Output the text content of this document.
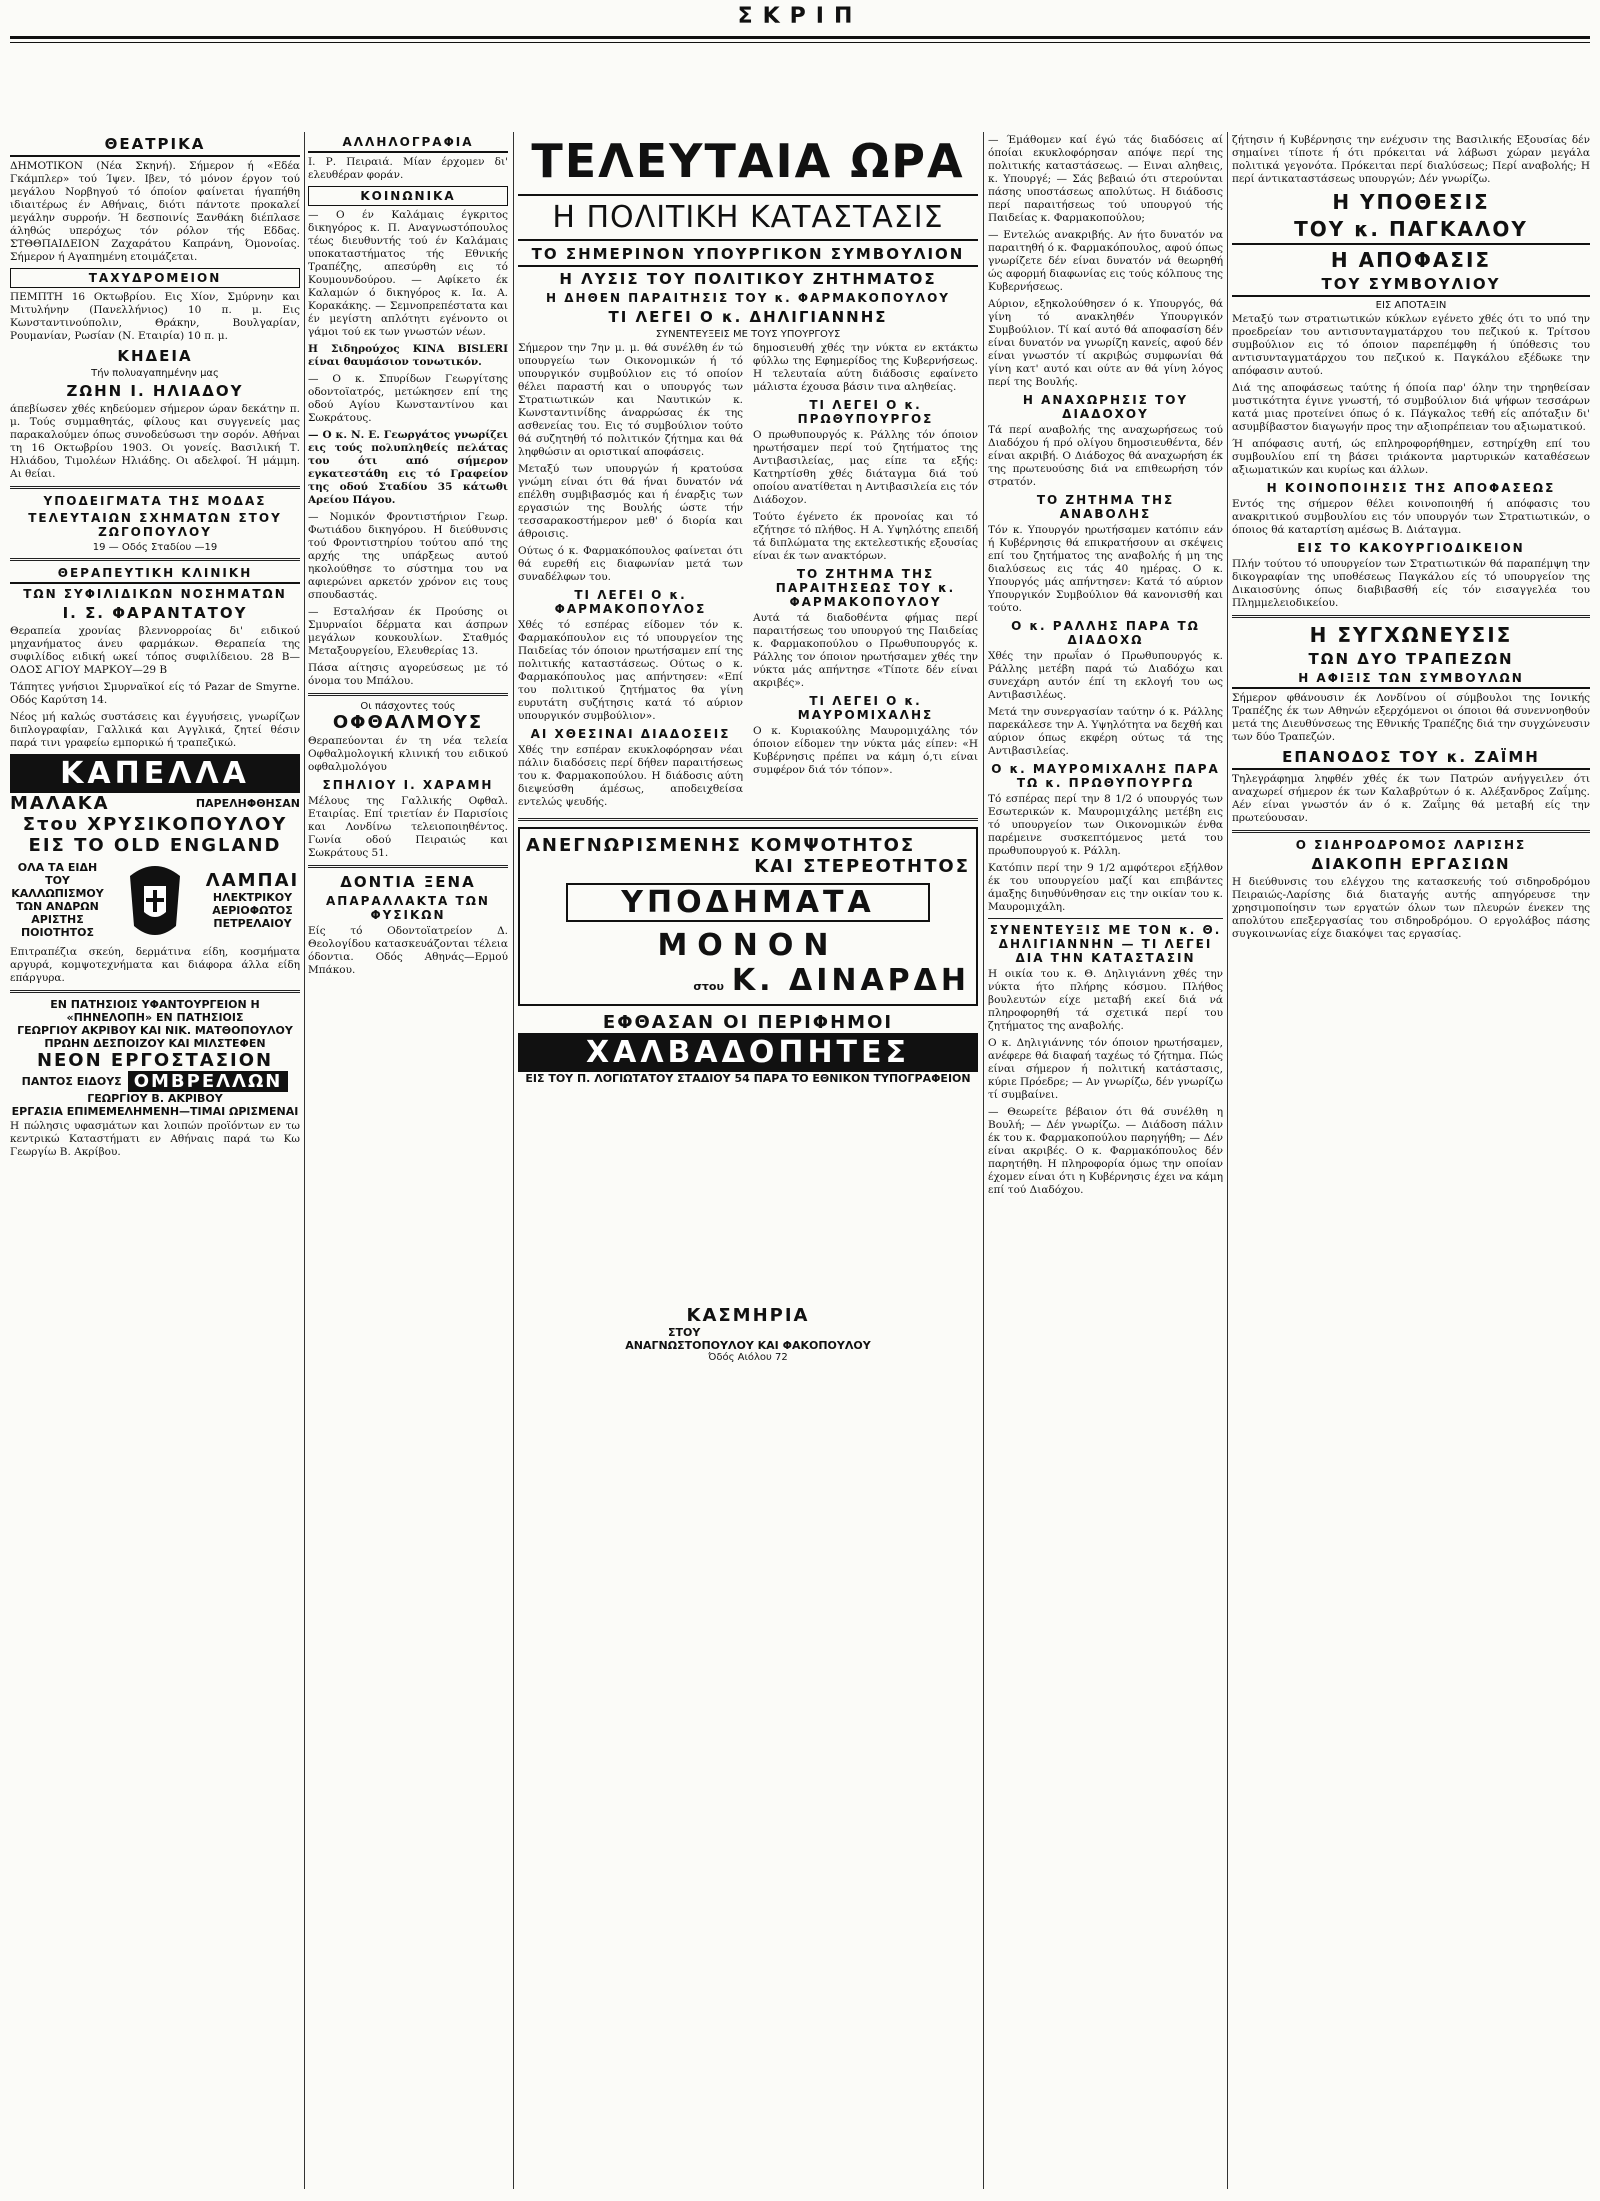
ΣΚΡΙΠ
ΘΕΑΤΡΙΚΑ
ΔΗΜΟΤΙΚΟΝ (Νέα Σκηνή). Σήμερον ή «Εδέα Γκάμπλερ» τού Ίψεν. Ιβεν, τό μόνον έργον τού μεγάλου Νορβηγού τό όποίον φαίνεται ήγαπήθη ιδιαιτέρως έν Αθήναις, διότι πάντοτε προκαλεί μεγάλην συρροήν. Ή δεσποινίς Ξανθάκη διέπλασε άληθώς υπερόχως τόν ρόλον τής Εδδας. ΣΤΘΘΠΑΙΔΕΙΟΝ Ζαχαράτου Καπράνη, Όμονοίας. Σήμερον ή Αγαπημένη ετοιμάζεται.
ΤΑΧΥΔΡΟΜΕΙΟΝ
ΠΕΜΠΤΗ 16 Οκτωβρίου. Εις Χίον, Σμύρνην και Μιτυλήνην (Πανελλήνιος) 10 π. μ. Εις Κωνσταντινούπολιν, Θράκην, Βουλγαρίαν, Ρουμανίαν, Ρωσίαν (Ν. Εταιρία) 10 π. μ.
ΚΗΔΕΙΑ
Τήν πολυαγαπημένην μας
ΖΩΗΝ Ι. ΗΛΙΑΔΟΥ
άπεβίωσεν χθές κηδεύομεν σήμερον ώραν δεκάτην π. μ. Τούς συμμαθητάς, φίλους και συγγενείς μας παρακαλούμεν όπως συνοδεύσωσι την σορόν. Αθήναι τη 16 Οκτωβρίου 1903. Οι γονείς. Βασιλική Τ. Ηλιάδου, Τιμολέων Ηλιάδης. Οι αδελφοί. Ή μάμμη. Αι θείαι.
ΥΠΟΔΕΙΓΜΑΤΑ ΤΗΣ ΜΟΔΑΣ
ΤΕΛΕΥΤΑΙΩΝ ΣΧΗΜΑΤΩΝ ΣΤΟΥ ΖΩΓΟΠΟΥΛΟΥ
19 — Οδός Σταδίου —19
ΘΕΡΑΠΕΥΤΙΚΗ ΚΛΙΝΙΚΗ
ΤΩΝ ΣΥΦΙΛΙΔΙΚΩΝ ΝΟΣΗΜΑΤΩΝ
Ι. Σ. ΦΑΡΑΝΤΑΤΟΥ
Θεραπεία χρονίας βλεννορροίας δι' ειδικού μηχανήματος άνευ φαρμάκων. Θεραπεία της συφιλίδος ειδική ωκεί τόπος συφιλίδειου. 28 Β—ΟΔΟΣ ΑΓΙΟΥ ΜΑΡΚΟΥ—29 Β
Τάπητες γνήσιοι Σμυρναϊκοί είς τό Pazar de Smyrne. Οδός Καρύτση 14.
Νέος μή καλώς συστάσεις και έγγυήσεις, γνωρίζων διπλογραφίαν, Γαλλικά και Αγγλικά, ζητεί θέσιν παρά τινι γραφείω εμπορικώ ή τραπεζικώ.
ΚΑΠΕΛΛΑ
ΜΑΛΑΚΑ	ΠΑΡΕΛΗΦΘΗΣΑΝ
Στου ΧΡΥΣΙΚΟΠΟΥΛΟΥ
ΕΙΣ ΤΟ OLD ENGLAND
ΟΛΑ ΤΑ ΕΙΔΗ
ΤΟΥ ΚΑΛΛΩΠΙΣΜΟΥ
ΤΩΝ ΑΝΔΡΩΝ
ΑΡΙΣΤΗΣ
ΠΟΙΟΤΗΤΟΣ
ΛΑΜΠΑΙ
ΗΛΕΚΤΡΙΚΟΥ
ΑΕΡΙΟΦΩΤΟΣ
ΠΕΤΡΕΛΑΙΟΥ
Επιτραπέζια σκεύη, δερμάτινα είδη, κοσμήματα αργυρά, κομψοτεχνήματα και διάφορα άλλα είδη επάργυρα.
ΕΝ ΠΑΤΗΣΙΟΙΣ ΥΦΑΝΤΟΥΡΓΕΙΟΝ Η «ΠΗΝΕΛΟΠΗ» ΕΝ ΠΑΤΗΣΙΟΙΣ
ΓΕΩΡΓΙΟΥ ΑΚΡΙΒΟΥ ΚΑΙ ΝΙΚ. ΜΑΤΘΟΠΟΥΛΟΥ
ΠΡΩΗΝ ΔΕΣΠΟΙΖΟΥ ΚΑΙ ΜΙΛΣΤΕΦΕΝ
ΝΕΟΝ ΕΡΓΟΣΤΑΣΙΟΝ
ΠΑΝΤΟΣ ΕΙΔΟΥΣ ΟΜΒΡΕΛΛΩΝ
ΓΕΩΡΓΙΟΥ Β. ΑΚΡΙΒΟΥ
ΕΡΓΑΣΙΑ ΕΠΙΜΕΜΕΛΗΜΕΝΗ—ΤΙΜΑΙ ΩΡΙΣΜΕΝΑΙ
Η πώλησις υφασμάτων και λοιπών προϊόντων εν τω κεντρικώ Καταστήματι εν Αθήναις παρά τω Κω Γεωργίω Β. Ακρίβου.
ΑΛΛΗΛΟΓΡΑΦΙΑ
Ι. Ρ. Πειραιά. Μίαν έρχομεν δι' ελευθέραν φοράν.
ΚΟΙΝΩΝΙΚΑ
— Ο έν Καλάμαις έγκριτος δικηγόρος κ. Π. Αναγνωστόπουλος τέως διευθυντής τού έν Καλάμαις υποκαταστήματος τής Εθνικής Τραπέζης, απεσύρθη εις τό Κουμουνδούρου. — Αφίκετο έκ Καλαμών ό δικηγόρος κ. Ια. Α. Κορακάκης. — Σεμνοπρεπέστατα και έν μεγίστη απλότητι εγένοντο οι γάμοι τού εκ των γνωστών νέων.
Η Σιδηρούχος ΚΙΝΑ BISLERI είναι θαυμάσιον τονωτικόν.
— Ο κ. Σπυρίδων Γεωργίτσης οδοντοϊατρός, μετώκησεν επί της οδού Αγίου Κωνσταντίνου και Σωκράτους.
— Ο κ. Ν. Ε. Γεωργάτος γνωρίζει εις τούς πολυπληθείς πελάτας του ότι από σήμερον εγκατεστάθη εις τό Γραφείον της οδού Σταδίου 35 κάτωθι Αρείου Πάγου.
— Νομικόν Φροντιστήριον Γεωρ. Φωτιάδου δικηγόρου. Η διεύθυνσις τού Φροντιστηρίου τούτου από της αρχής της υπάρξεως αυτού ηκολούθησε το σύστημα του να αφιερώνει αρκετόν χρόνον εις τους σπουδαστάς.
— Εσταλήσαν έκ Προύσης οι Σμυρναίοι δέρματα και άσπρων μεγάλων κουκουλίων. Σταθμός Μεταξουργείου, Ελευθερίας 13.
Πάσα αίτησις αγορεύσεως με τό όνομα του Μπάλου.
Οι πάσχοντες τούς
ΟΦΘΑΛΜΟΥΣ
Θεραπεύονται έν τη νέα τελεία Οφθαλμολογική κλινική του ειδικού οφθαλμολόγου
ΣΠΗΛΙΟΥ Ι. ΧΑΡΑΜΗ
Μέλους της Γαλλικής Οφθαλ. Εταιρίας. Επί τριετίαν έν Παρισίοις και Λονδίνω τελειοποιηθέντος. Γωνία οδού Πειραιώς και Σωκράτους 51.
ΔΟΝΤΙΑ ΞΕΝΑ
ΑΠΑΡΑΛΛΑΚΤΑ ΤΩΝ ΦΥΣΙΚΩΝ
Είς τό Οδοντοϊατρείον Δ. Θεολογίδου κατασκευάζονται τέλεια όδοντια. Οδός Αθηνάς—Ερμού Μπάκου.
ΤΕΛΕΥΤΑΙΑ ΩΡΑ
Η ΠΟΛΙΤΙΚΗ ΚΑΤΑΣΤΑΣΙΣ
ΤΟ ΣΗΜΕΡΙΝΟΝ ΥΠΟΥΡΓΙΚΟΝ ΣΥΜΒΟΥΛΙΟΝ
Η ΛΥΣΙΣ ΤΟΥ ΠΟΛΙΤΙΚΟΥ ΖΗΤΗΜΑΤΟΣ
Η ΔΗΘΕΝ ΠΑΡΑΙΤΗΣΙΣ ΤΟΥ κ. ΦΑΡΜΑΚΟΠΟΥΛΟΥ
ΤΙ ΛΕΓΕΙ Ο κ. ΔΗΛΙΓΙΑΝΝΗΣ
ΣΥΝΕΝΤΕΥΞΕΙΣ ΜΕ ΤΟΥΣ ΥΠΟΥΡΓΟΥΣ
Σήμερον την 7ην μ. μ. θά συνέλθη έν τώ υπουργείω των Οικονομικών ή τό υπουργικόν συμβούλιον εις τό οποίον θέλει παραστή και ο υπουργός των Στρατιωτικών και Ναυτικών κ. Κωνσταντινίδης άναρρώσας έκ της ασθενείας του. Εις τό συμβούλιον τούτο θά συζητηθή τό πολιτικόν ζήτημα και θά ληφθώσιν αι οριστικαί αποφάσεις.
Μεταξύ των υπουργών ή κρατούσα γνώμη είναι ότι θά ήναι δυνατόν νά επέλθη συμβιβασμός και ή έναρξις των εργασιών της Βουλής ώστε τήν τεσσαρακοστήμερον μεθ' ό διορία και άθροισις.
Ούτως ό κ. Φαρμακόπουλος φαίνεται ότι θά ευρεθή εις διαφωνίαν μετά των συναδέλφων του.
ΤΙ ΛΕΓΕΙ Ο κ. ΦΑΡΜΑΚΟΠΟΥΛΟΣ
Χθές τό εσπέρας είδομεν τόν κ. Φαρμακόπουλον εις τό υπουργείον της Παιδείας τόν όποιον ηρωτήσαμεν επί της πολιτικής καταστάσεως. Ούτως ο κ. Φαρμακόπουλος μας απήντησεν: «Επί του πολιτικού ζητήματος θα γίνη ευρυτάτη συζήτησις κατά τό αύριον υπουργικόν συμβούλιον».
ΑΙ ΧΘΕΣΙΝΑΙ ΔΙΑΔΟΣΕΙΣ
Χθές την εσπέραν εκυκλοφόρησαν νέαι πάλιν διαδόσεις περί δήθεν παραιτήσεως του κ. Φαρμακοπούλου. Η διάδοσις αύτη διεψεύσθη άμέσως, αποδειχθείσα εντελώς ψευδής.
δημοσιευθή χθές την νύκτα εν εκτάκτω φύλλω της Εφημερίδος της Κυβερνήσεως. Η τελευταία αύτη διάδοσις εφαίνετο μάλιστα έχουσα βάσιν τινα αληθείας.
ΤΙ ΛΕΓΕΙ Ο κ. ΠΡΩΘΥΠΟΥΡΓΟΣ
Ο πρωθυπουργός κ. Ράλλης τόν όποιον ηρωτήσαμεν περί τού ζητήματος της Αντιβασιλείας, μας είπε τα εξής: Κατηρτίσθη χθές διάταγμα διά τού οποίου ανατίθεται η Αντιβασιλεία εις τόν Διάδοχον.
Τούτο έγένετο έκ προνοίας και τό εζήτησε τό πλήθος. Η Α. Υψηλότης επειδή τά διπλώματα της εκτελεστικής εξουσίας είναι έκ των ανακτόρων.
ΤΟ ΖΗΤΗΜΑ ΤΗΣ ΠΑΡΑΙΤΗΣΕΩΣ ΤΟΥ κ. ΦΑΡΜΑΚΟΠΟΥΛΟΥ
Αυτά τά διαδοθέντα φήμας περί παραιτήσεως του υπουργού της Παιδείας κ. Φαρμακοπούλου ο Πρωθυπουργός κ. Ράλλης τον όποιον ηρωτήσαμεν χθές την νύκτα μάς απήντησε «Τίποτε δέν είναι ακριβές».
ΤΙ ΛΕΓΕΙ Ο κ. ΜΑΥΡΟΜΙΧΑΛΗΣ
Ο κ. Κυριακούλης Μαυρομιχάλης τόν όποιον είδομεν την νύκτα μάς είπεν: «Η Κυβέρνησις πρέπει να κάμη ό,τι είναι συμφέρον διά τόν τόπον».
ΑΝΕΓΝΩΡΙΣΜΕΝΗΣ ΚΟΜΨΟΤΗΤΟΣ
ΚΑΙ ΣΤΕΡΕΟΤΗΤΟΣ
ΥΠΟΔΗΜΑΤΑ
ΜΟΝΟΝ
στου Κ. ΔΙΝΑΡΔΗ
ΕΦΘΑΣΑΝ ΟΙ ΠΕΡΙΦΗΜΟΙ
ΧΑΛΒΑΔΟΠΗΤΕΣ
ΕΙΣ ΤΟΥ Π. ΛΟΓΙΩΤΑΤΟΥ ΣΤΑΔΙΟΥ 54 ΠΑΡΑ ΤΟ ΕΘΝΙΚΟΝ ΤΥΠΟΓΡΑΦΕΙΟΝ
ΚΑΣΜΗΡΙΑ
ΣΤΟΥ
ΑΝΑΓΝΩΣΤΟΠΟΥΛΟΥ ΚΑΙ ΦΑΚΟΠΟΥΛΟΥ
Όδός Αιόλου 72
— Έμάθομεν καί έγώ τάς διαδόσεις αί όποίαι εκυκλοφόρησαν απόψε περί της πολιτικής καταστάσεως. — Ειναι αληθεις, κ. Υπουργέ; — Σάς βεβαιώ ότι στερούνται πάσης υποστάσεως απολύτως. Η διάδοσις περί παραιτήσεως τού υπουργού τής Παιδείας κ. Φαρμακοπούλου;
— Εντελώς ανακριβής. Αν ήτο δυνατόν να παραιτηθή ό κ. Φαρμακόπουλος, αφού όπως γνωρίζετε δέν είναι δυνατόν νά θεωρηθή ώς αφορμή διαφωνίας εις τούς κόλπους της Κυβερνήσεως.
Αύριον, εξηκολούθησεν ό κ. Υπουργός, θά γίνη τό ανακληθέν Υπουργικόν Συμβούλιον. Τί καί αυτό θά αποφασίση δέν είναι δυνατόν να γνωρίζη κανείς, αφού δέν είναι γνωστόν τί ακριβώς συμφωνίαι θά γίνη κατ' αυτό και ούτε αν θά γίνη λόγος περί της Βουλής.
Η ΑΝΑΧΩΡΗΣΙΣ ΤΟΥ ΔΙΑΔΟΧΟΥ
Τά περί αναβολής της αναχωρήσεως τού Διαδόχου ή πρό ολίγου δημοσιευθέντα, δέν είναι ακριβή. Ο Διάδοχος θά αναχωρήση έκ της πρωτευούσης διά να επιθεωρήση τόν στρατόν.
ΤΟ ΖΗΤΗΜΑ ΤΗΣ ΑΝΑΒΟΛΗΣ
Τόν κ. Υπουργόν ηρωτήσαμεν κατόπιν εάν ή Κυβέρνησις θά επικρατήσουν αι σκέψεις επί του ζητήματος της αναβολής ή μη της διαλύσεως εις τάς 40 ημέρας. Ο κ. Υπουργός μάς απήντησεν: Κατά τό αύριον Υπουργικόν Συμβούλιον θά κανονισθή και τούτο.
Ο κ. ΡΑΛΛΗΣ ΠΑΡΑ ΤΩ ΔΙΑΔΟΧΩ
Χθές την πρωΐαν ό Πρωθυπουργός κ. Ράλλης μετέβη παρά τώ Διαδόχω και συνεχάρη αυτόν έπί τη εκλογή του ως Αντιβασιλέως.
Μετά την συνεργασίαν ταύτην ό κ. Ράλλης παρεκάλεσε την Α. Υψηλότητα να δεχθή και αύριον όπως εκφέρη ούτως τά της Αντιβασιλείας.
Ο κ. ΜΑΥΡΟΜΙΧΑΛΗΣ ΠΑΡΑ ΤΩ κ. ΠΡΩΘΥΠΟΥΡΓΩ
Τό εσπέρας περί την 8 1/2 ό υπουργός των Εσωτερικών κ. Μαυρομιχάλης μετέβη εις τό υπουργείον των Οικονομικών ένθα παρέμεινε συσκεπτόμενος μετά του πρωθυπουργού κ. Ράλλη.
Κατόπιν περί την 9 1/2 αμφότεροι εξήλθον έκ του υπουργείου μαζί και επιβάντες άμαξης διηυθύνθησαν εις την οικίαν του κ. Μαυρομιχάλη.
ΣΥΝΕΝΤΕΥΞΙΣ ΜΕ ΤΟΝ κ. Θ. ΔΗΛΙΓΙΑΝΝΗΝ — ΤΙ ΛΕΓΕΙ ΔΙΑ ΤΗΝ ΚΑΤΑΣΤΑΣΙΝ
Η οικία του κ. Θ. Δηλιγιάννη χθές την νύκτα ήτο πλήρης κόσμου. Πλήθος βουλευτών είχε μεταβή εκεί διά νά πληροφορηθή τά σχετικά περί του ζητήματος της αναβολής.
Ο κ. Δηλιγιάννης τόν όποιον ηρωτήσαμεν, ανέφερε θά διαφαή ταχέως τό ζήτημα. Πώς είναι σήμερον ή πολιτική κατάστασις, κύριε Πρόεδρε; — Αν γνωρίζω, δέν γνωρίζω τί συμβαίνει.
— Θεωρείτε βέβαιον ότι θά συνέλθη η Βουλή; — Δέν γνωρίζω. — Διάδοση πάλιν έκ του κ. Φαρμακοπούλου παρηγήθη; — Δέν είναι ακριβές. Ο κ. Φαρμακόπουλος δέν παρητήθη. Η πληροφορία όμως την οποίαν έχομεν είναι ότι η Κυβέρνησις έχει να κάμη επί τού Διαδόχου.
ζήτησιν ή Κυβέρνησις την ενέχυσιν της Βασιλικής Εξουσίας δέν σημαίνει τίποτε ή ότι πρόκειται νά λάβωσι χώραν μεγάλα πολιτικά γεγονότα. Πρόκειται περί διαλύσεως; Περί αναβολής; Η περί άντικαταστάσεως υπουργών; Δέν γνωρίζω.
Η ΥΠΟΘΕΣΙΣ
ΤΟΥ κ. ΠΑΓΚΑΛΟΥ
Η ΑΠΟΦΑΣΙΣ
ΤΟΥ ΣΥΜΒΟΥΛΙΟΥ
ΕΙΣ ΑΠΟΤΑΞΙΝ
Μεταξύ των στρατιωτικών κύκλων εγένετο χθές ότι το υπό την προεδρείαν του αντισυνταγματάρχου του πεζικού κ. Τρίτσου συμβούλιον εις τό όποιον παρεπέμφθη ή ύπόθεσις του αντισυνταγματάρχου του πεζικού κ. Παγκάλου εξέδωκε την απόφασιν αυτού.
Διά της αποφάσεως ταύτης ή όποία παρ' όλην την τηρηθείσαν μυστικότητα έγινε γνωστή, τό συμβούλιον διά ψήφων τεσσάρων κατά μιας προτείνει όπως ό κ. Πάγκαλος τεθή είς απόταξιν δι' ασυμβίβαστον διαγωγήν προς την αξιοπρέπειαν του αξιωματικού.
Ή απόφασις αυτή, ώς επληροφορήθημεν, εστηρίχθη επί του συμβουλίου επί τη βάσει τριάκοντα μαρτυρικών καταθέσεων αξιωματικών και κυρίως και άλλων.
Η ΚΟΙΝΟΠΟΙΗΣΙΣ ΤΗΣ ΑΠΟΦΑΣΕΩΣ
Εντός της σήμερον θέλει κοινοποιηθή ή απόφασις του ανακριτικού συμβουλίου εις τόν υπουργόν των Στρατιωτικών, ο όποιος θά καταρτίση αμέσως Β. Διάταγμα.
ΕΙΣ ΤΟ ΚΑΚΟΥΡΓΙΟΔΙΚΕΙΟΝ
Πλήν τούτου τό υπουργείον των Στρατιωτικών θά παραπέμψη την δικογραφίαν της υποθέσεως Παγκάλου είς τό υπουργείον της Δικαιοσύνης όπως διαβιβασθή είς τόν εισαγγελέα του Πλημμελειοδικείου.
Η ΣΥΓΧΩΝΕΥΣΙΣ
ΤΩΝ ΔΥΟ ΤΡΑΠΕΖΩΝ
Η ΑΦΙΞΙΣ ΤΩΝ ΣΥΜΒΟΥΛΩΝ
Σήμερον φθάνουσιν έκ Λονδίνου οί σύμβουλοι της Ιονικής Τραπέζης έκ των Αθηνών εξερχόμενοι οι όποιοι θά συνεννοηθούν μετά της Διευθύνσεως της Εθνικής Τραπέζης διά την συγχώνευσιν των δύο Τραπεζών.
ΕΠΑΝΟΔΟΣ ΤΟΥ κ. ΖΑΪΜΗ
Τηλεγράφημα ληφθέν χθές έκ των Πατρών ανήγγειλεν ότι αναχωρεί σήμερον έκ των Καλαβρύτων ό κ. Αλέξανδρος Ζαΐμης. Αέν είναι γνωστόν άν ό κ. Ζαΐμης θά μεταβή είς την πρωτεύουσαν.
Ο ΣΙΔΗΡΟΔΡΟΜΟΣ ΛΑΡΙΣΗΣ
ΔΙΑΚΟΠΗ ΕΡΓΑΣΙΩΝ
Η διεύθυνσις του ελέγχου της κατασκευής τού σιδηροδρόμου Πειραιώς-Λαρίσης διά διαταγής αυτής απηγόρευσε την χρησιμοποίησιν των εργατών όλων των πλευρών ένεκεν της απολύτου επεξεργασίας του σιδηροδρόμου. Ο εργολάβος πάσης συγκοινωνίας είχε διακόψει τας εργασίας.
